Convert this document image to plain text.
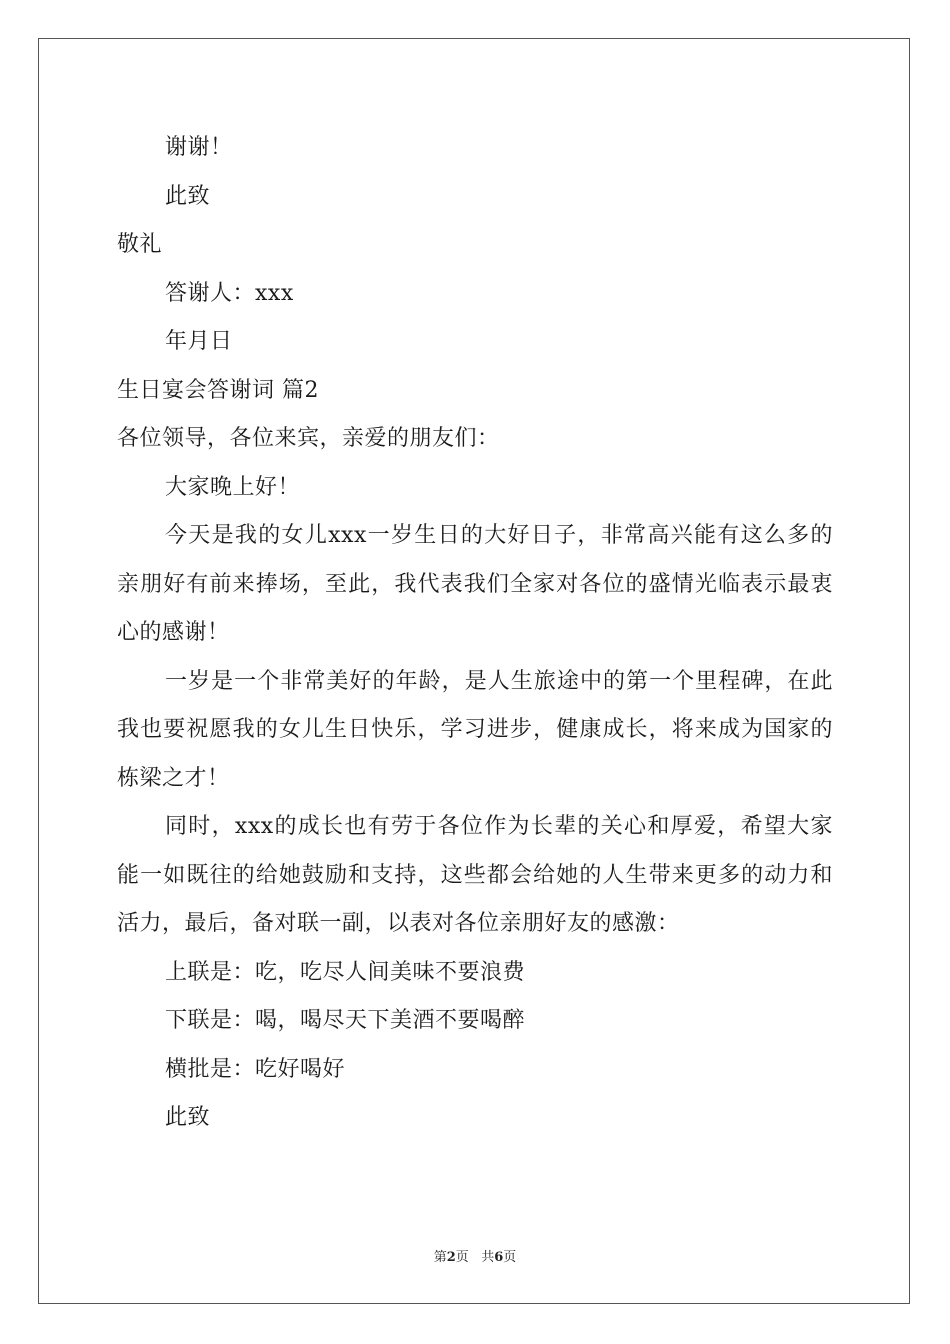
谢谢！
此致
敬礼
答谢人：xxx
年月日
生日宴会答谢词 篇2
各位领导，各位来宾，亲爱的朋友们：
大家晚上好！

今天是我的女儿xxx一岁生日的大好日子，非常高兴能有这么多的亲朋好有前来捧场，至此，我代表我们全家对各位的盛情光临表示最衷心的感谢！

一岁是一个非常美好的年龄，是人生旅途中的第一个里程碑，在此我也要祝愿我的女儿生日快乐，学习进步，健康成长，将来成为国家的栋梁之才！

同时，xxx的成长也有劳于各位作为长辈的关心和厚爱，希望大家能一如既往的给她鼓励和支持，这些都会给她的人生带来更多的动力和活力，最后，备对联一副，以表对各位亲朋好友的感激：

上联是：吃，吃尽人间美味不要浪费
下联是：喝，喝尽天下美酒不要喝醉
横批是：吃好喝好
此致
第2页 共6页
